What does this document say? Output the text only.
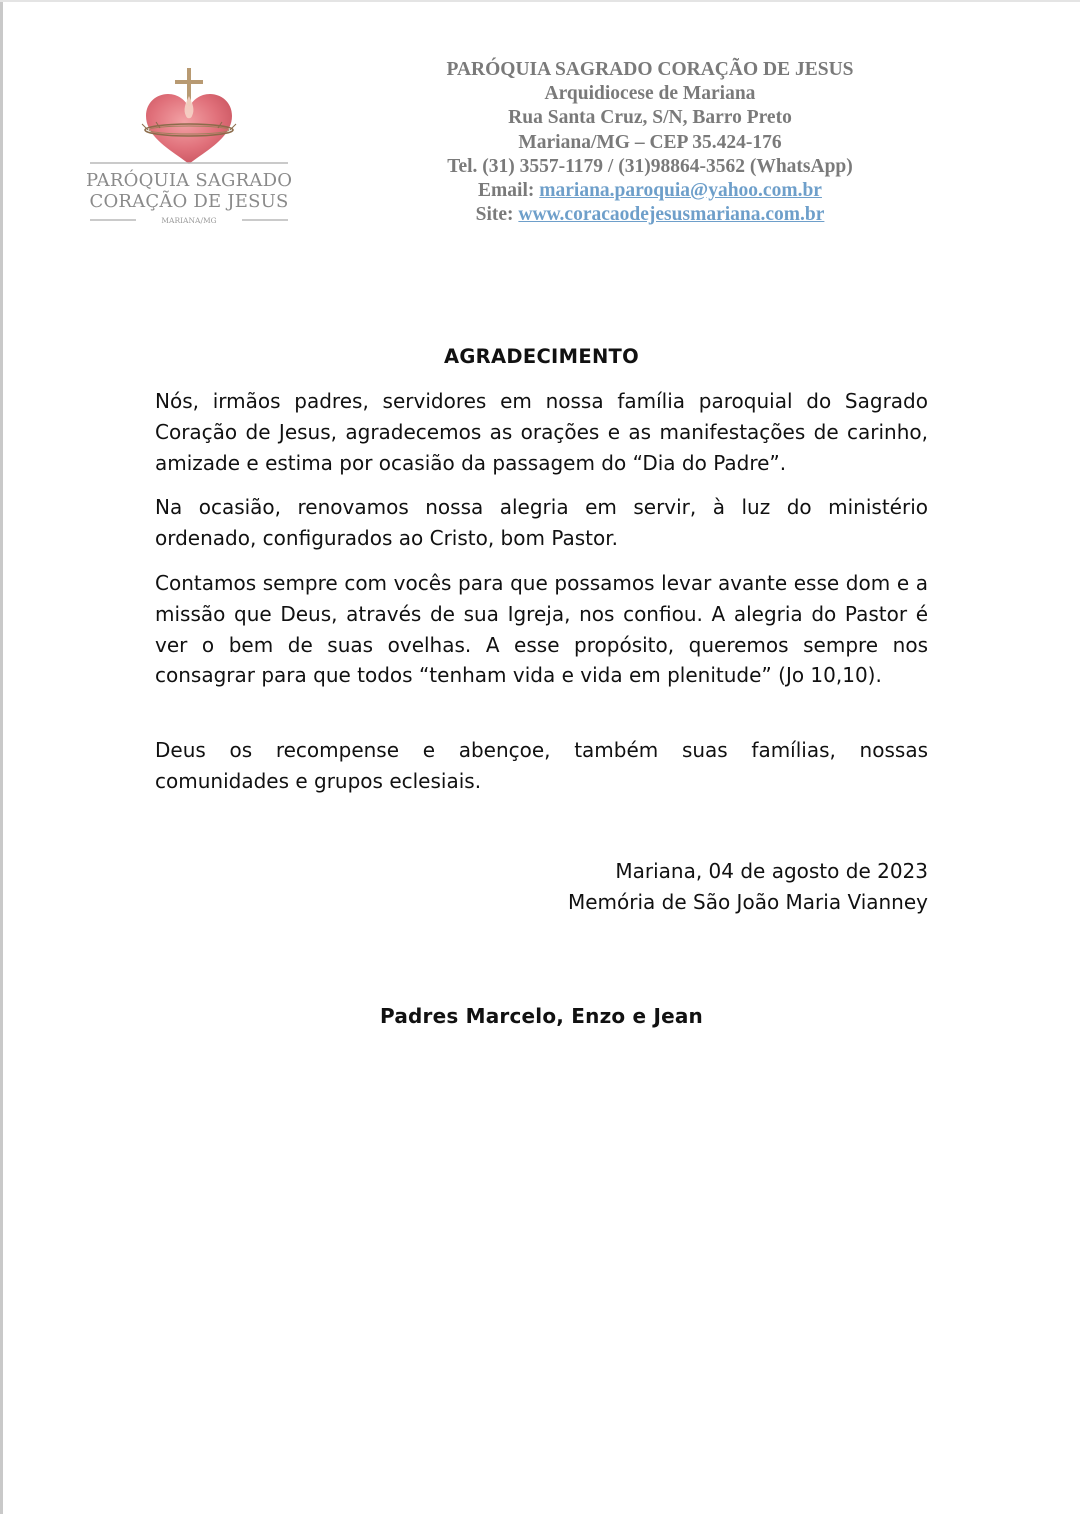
PARÓQUIA SAGRADO
CORAÇÃO DE JESUS
MARIANA/MG
PARÓQUIA SAGRADO CORAÇÃO DE JESUS
Arquidiocese de Mariana
Rua Santa Cruz, S/N, Barro Preto
Mariana/MG – CEP 35.424-176
Tel. (31) 3557-1179 / (31)98864-3562 (WhatsApp)
Email: mariana.paroquia@yahoo.com.br
Site: www.coracaodejesusmariana.com.br
AGRADECIMENTO
Nós, irmãos padres, servidores em nossa família paroquial do Sagrado Coração de Jesus, agradecemos as orações e as manifestações de carinho, amizade e estima por ocasião da passagem do “Dia do Padre”.
Na ocasião, renovamos nossa alegria em servir, à luz do ministério ordenado, configurados ao Cristo, bom Pastor.
Contamos sempre com vocês para que possamos levar avante esse dom e a missão que Deus, através de sua Igreja, nos confiou. A alegria do Pastor é ver o bem de suas ovelhas. A esse propósito, queremos sempre nos consagrar para que todos “tenham vida e vida em plenitude” (Jo 10,10).
Deus os recompense e abençoe, também suas famílias, nossas comunidades e grupos eclesiais.
Mariana, 04 de agosto de 2023
Memória de São João Maria Vianney
Padres Marcelo, Enzo e Jean
